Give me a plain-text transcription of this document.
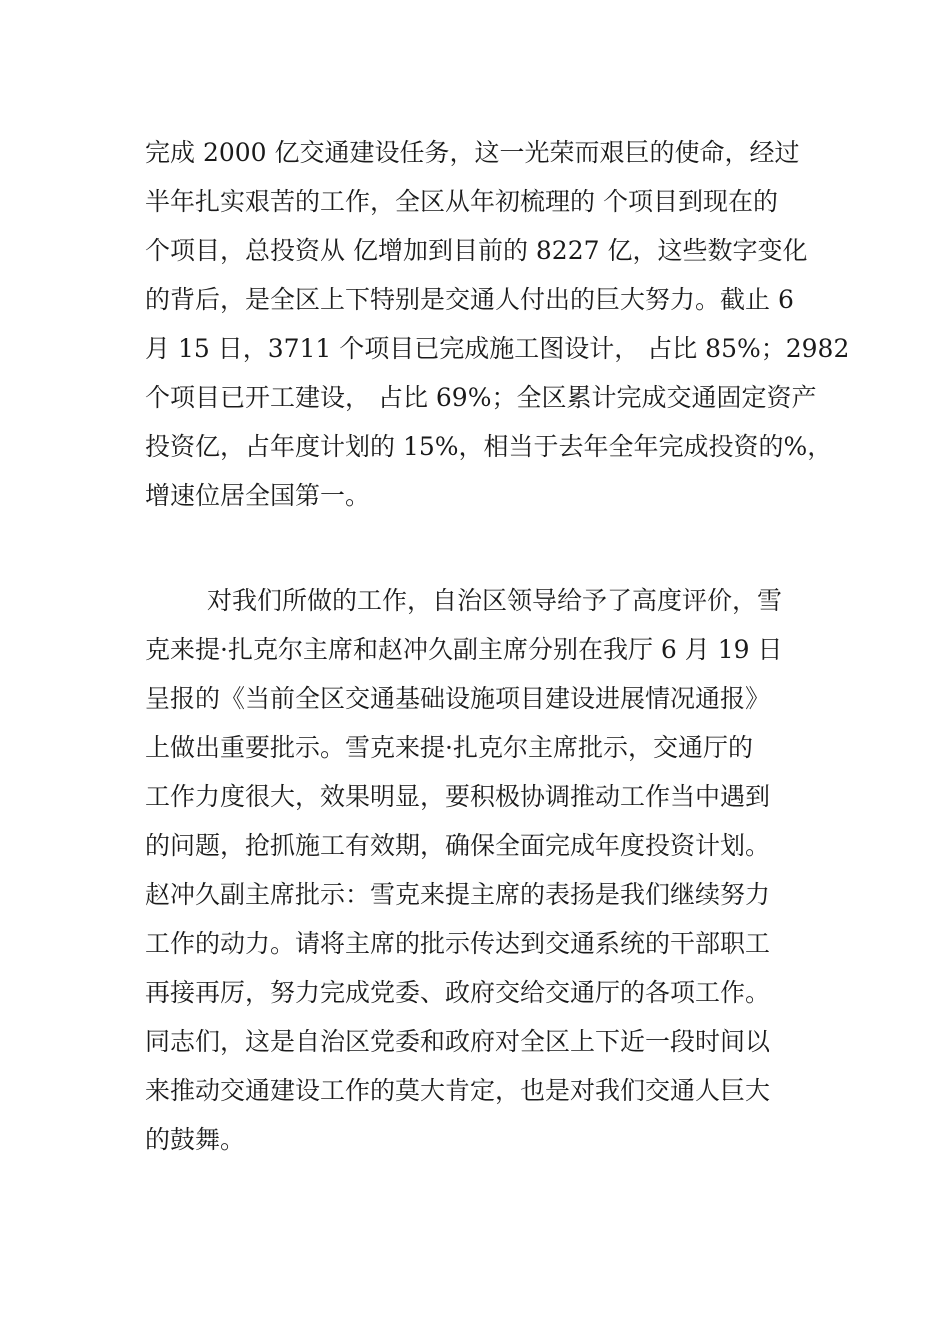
完成 2000 亿交通建设任务，这一光荣而艰巨的使命，经过
半年扎实艰苦的工作，全区从年初梳理的 个项目到现在的
个项目，总投资从 亿增加到目前的 8227 亿，这些数字变化
的背后，是全区上下特别是交通人付出的巨大努力。截止 6
月 15 日，3711 个项目已完成施工图设计， 占比 85%；2982
个项目已开工建设， 占比 69%；全区累计完成交通固定资产
投资亿，占年度计划的 15%，相当于去年全年完成投资的%，
增速位居全国第一。

对我们所做的工作，自治区领导给予了高度评价，雪
克来提·扎克尔主席和赵冲久副主席分别在我厅 6 月 19 日
呈报的《当前全区交通基础设施项目建设进展情况通报》
上做出重要批示。雪克来提·扎克尔主席批示，交通厅的
工作力度很大，效果明显，要积极协调推动工作当中遇到
的问题，抢抓施工有效期，确保全面完成年度投资计划。
赵冲久副主席批示：雪克来提主席的表扬是我们继续努力
工作的动力。请将主席的批示传达到交通系统的干部职工
再接再厉，努力完成党委、政府交给交通厅的各项工作。
同志们，这是自治区党委和政府对全区上下近一段时间以
来推动交通建设工作的莫大肯定，也是对我们交通人巨大
的鼓舞。
